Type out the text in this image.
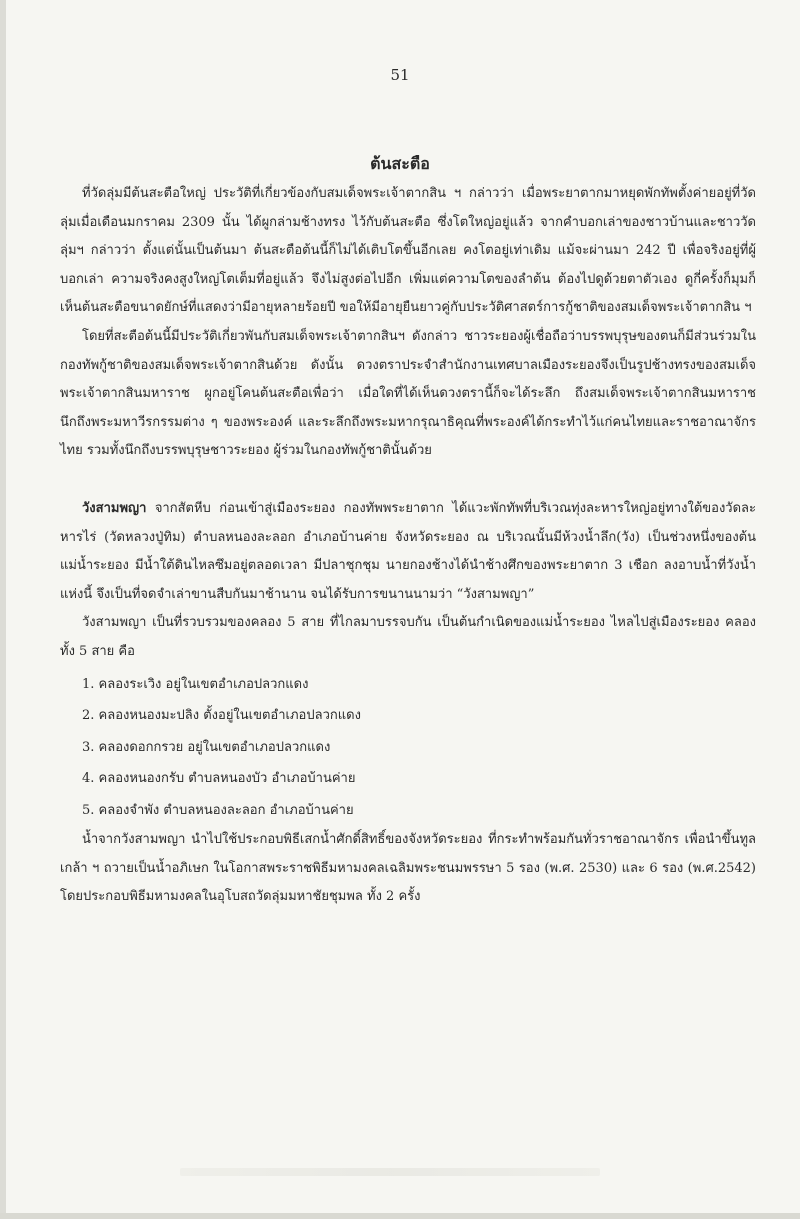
51
ต้นสะตือ

ที่วัดลุ่มมีต้นสะตือใหญ่ ประวัติที่เกี่ยวข้องกับสมเด็จพระเจ้าตากสิน ฯ กล่าวว่า เมื่อพระยาตากมาหยุดพักทัพตั้งค่ายอยู่ที่วัดลุ่มเมื่อเดือนมกราคม 2309 นั้น ได้ผูกล่ามช้างทรง ไว้กับต้นสะตือ ซึ่งโตใหญ่อยู่แล้ว จากคำบอกเล่าของชาวบ้านและชาววัดลุ่มฯ กล่าวว่า ตั้งแต่นั้นเป็นต้นมา ต้นสะตือต้นนี้ก็ไม่ได้เติบโตขึ้นอีกเลย คงโตอยู่เท่าเดิม แม้จะผ่านมา 242 ปี เพื่อจริงอยู่ที่ผู้บอกเล่า ความจริงคงสูงใหญ่โตเต็มที่อยู่แล้ว จึงไม่สูงต่อไปอีก เพิ่มแต่ความโตของลำต้น ต้องไปดูด้วยตาตัวเอง ดูกี่ครั้งก็มุมก็เห็นต้นสะตือขนาดยักษ์ที่แสดงว่ามีอายุหลายร้อยปี ขอให้มีอายุยืนยาวคู่กับประวัติศาสตร์การกู้ชาติของสมเด็จพระเจ้าตากสิน ฯ

โดยที่สะตือต้นนี้มีประวัติเกี่ยวพันกับสมเด็จพระเจ้าตากสินฯ ดังกล่าว ชาวระยองผู้เชื่อถือว่าบรรพบุรุษของตนก็มีส่วนร่วมในกองทัพกู้ชาติของสมเด็จพระเจ้าตากสินด้วย ดังนั้น ดวงตราประจำสำนักงานเทศบาลเมืองระยองจึงเป็นรูปช้างทรงของสมเด็จพระเจ้าตากสินมหาราช ผูกอยู่โคนต้นสะตือเพื่อว่า เมื่อใดที่ได้เห็นดวงตรานี้ก็จะได้ระลึก ถึงสมเด็จพระเจ้าตากสินมหาราช นึกถึงพระมหาวีรกรรมต่าง ๆ ของพระองค์ และระลึกถึงพระมหากรุณาธิคุณที่พระองค์ได้กระทำไว้แก่คนไทยและราชอาณาจักรไทย รวมทั้งนึกถึงบรรพบุรุษชาวระยอง ผู้ร่วมในกองทัพกู้ชาตินั้นด้วย

วังสามพญา จากสัตหีบ ก่อนเข้าสู่เมืองระยอง กองทัพพระยาตาก ได้แวะพักทัพที่บริเวณทุ่งละหารใหญ่อยู่ทางใต้ของวัดละหารไร่ (วัดหลวงปู่ทิม) ตำบลหนองละลอก อำเภอบ้านค่าย จังหวัดระยอง ณ บริเวณนั้นมีห้วงน้ำลึก(วัง) เป็นช่วงหนึ่งของต้นแม่น้ำระยอง มีน้ำใต้ดินไหลซึมอยู่ตลอดเวลา มีปลาชุกชุม นายกองช้างได้นำช้างศึกของพระยาตาก 3 เชือก ลงอาบน้ำที่วังน้ำแห่งนี้ จึงเป็นที่จดจำเล่าขานสืบกันมาช้านาน จนได้รับการขนานนามว่า “วังสามพญา”

วังสามพญา เป็นที่รวบรวมของคลอง 5 สาย ที่ไกลมาบรรจบกัน เป็นต้นกำเนิดของแม่น้ำระยอง ไหลไปสู่เมืองระยอง คลองทั้ง 5 สาย คือ

1. คลองระเวิง อยู่ในเขตอำเภอปลวกแดง
2. คลองหนองมะปลิง ตั้งอยู่ในเขตอำเภอปลวกแดง
3. คลองดอกกรวย อยู่ในเขตอำเภอปลวกแดง
4. คลองหนองกรับ ตำบลหนองบัว อำเภอบ้านค่าย
5. คลองจำพัง ตำบลหนองละลอก อำเภอบ้านค่าย

น้ำจากวังสามพญา นำไปใช้ประกอบพิธีเสกน้ำศักดิ์สิทธิ์ของจังหวัดระยอง ที่กระทำพร้อมกันทั่วราชอาณาจักร เพื่อนำขึ้นทูลเกล้า ฯ ถวายเป็นน้ำอภิเษก ในโอกาสพระราชพิธีมหามงคลเฉลิมพระชนมพรรษา 5 รอง (พ.ศ. 2530) และ 6 รอง (พ.ศ.2542) โดยประกอบพิธีมหามงคลในอุโบสถวัดลุ่มมหาชัยชุมพล ทั้ง 2 ครั้ง
